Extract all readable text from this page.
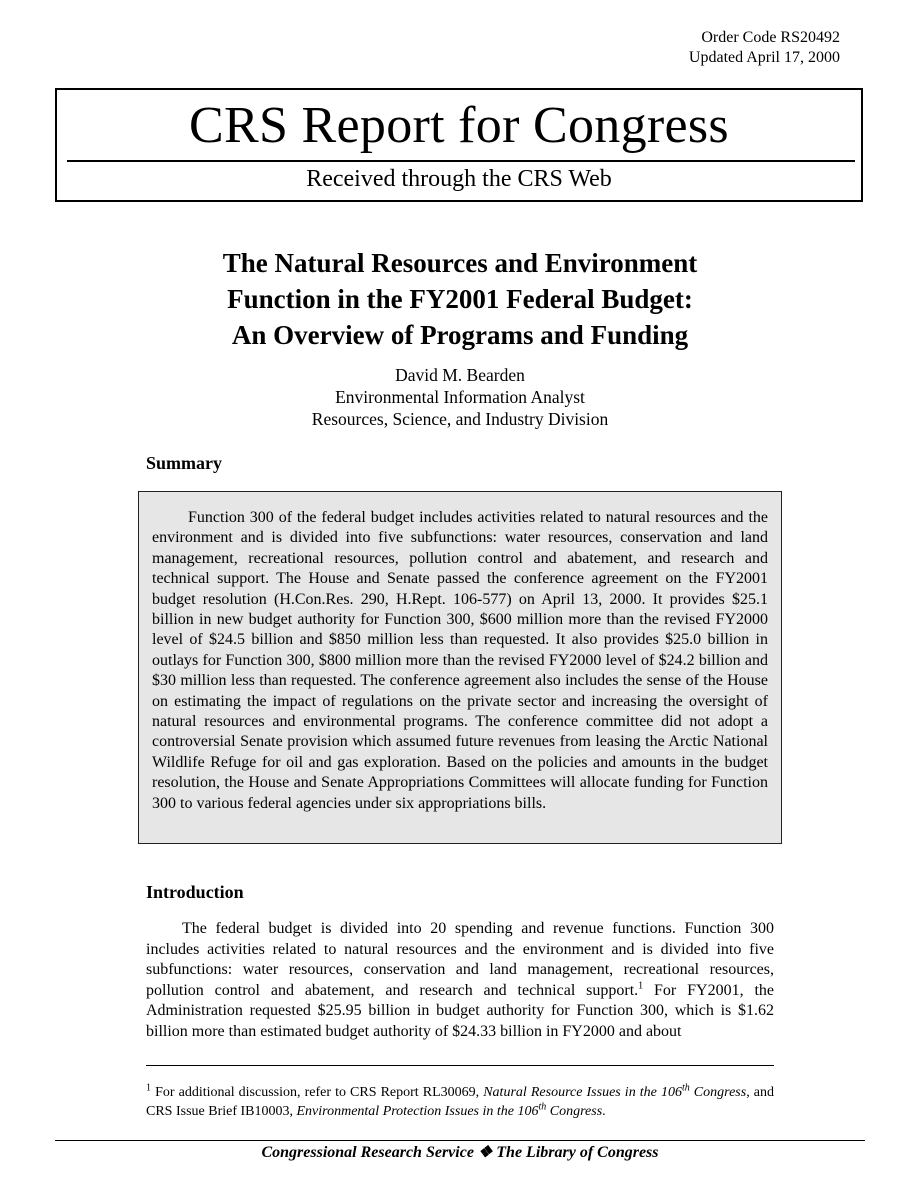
Order Code RS20492
Updated April 17, 2000
CRS Report for Congress
Received through the CRS Web
The Natural Resources and Environment
Function in the FY2001 Federal Budget:
An Overview of Programs and Funding
David M. Bearden
Environmental Information Analyst
Resources, Science, and Industry Division
Summary

Function 300 of the federal budget includes activities related to natural resources and the environment and is divided into five subfunctions: water resources, conservation and land management, recreational resources, pollution control and abatement, and research and technical support. The House and Senate passed the conference agreement on the FY2001 budget resolution (H.Con.Res. 290, H.Rept. 106-577) on April 13, 2000. It provides $25.1 billion in new budget authority for Function 300, $600 million more than the revised FY2000 level of $24.5 billion and $850 million less than requested. It also provides $25.0 billion in outlays for Function 300, $800 million more than the revised FY2000 level of $24.2 billion and $30 million less than requested. The conference agreement also includes the sense of the House on estimating the impact of regulations on the private sector and increasing the oversight of natural resources and environmental programs. The conference committee did not adopt a controversial Senate provision which assumed future revenues from leasing the Arctic National Wildlife Refuge for oil and gas exploration. Based on the policies and amounts in the budget resolution, the House and Senate Appropriations Committees will allocate funding for Function 300 to various federal agencies under six appropriations bills.

Introduction

The federal budget is divided into 20 spending and revenue functions. Function 300 includes activities related to natural resources and the environment and is divided into five subfunctions: water resources, conservation and land management, recreational resources, pollution control and abatement, and research and technical support.$^1$ For FY2001, the Administration requested $25.95 billion in budget authority for Function 300, which is $1.62 billion more than estimated budget authority of $24.33 billion in FY2000 and about

$^1$ For additional discussion, refer to CRS Report RL30069, Natural Resource Issues in the 106th Congress, and CRS Issue Brief IB10003, Environmental Protection Issues in the 106th Congress.

Congressional Research Service ❖ The Library of Congress
